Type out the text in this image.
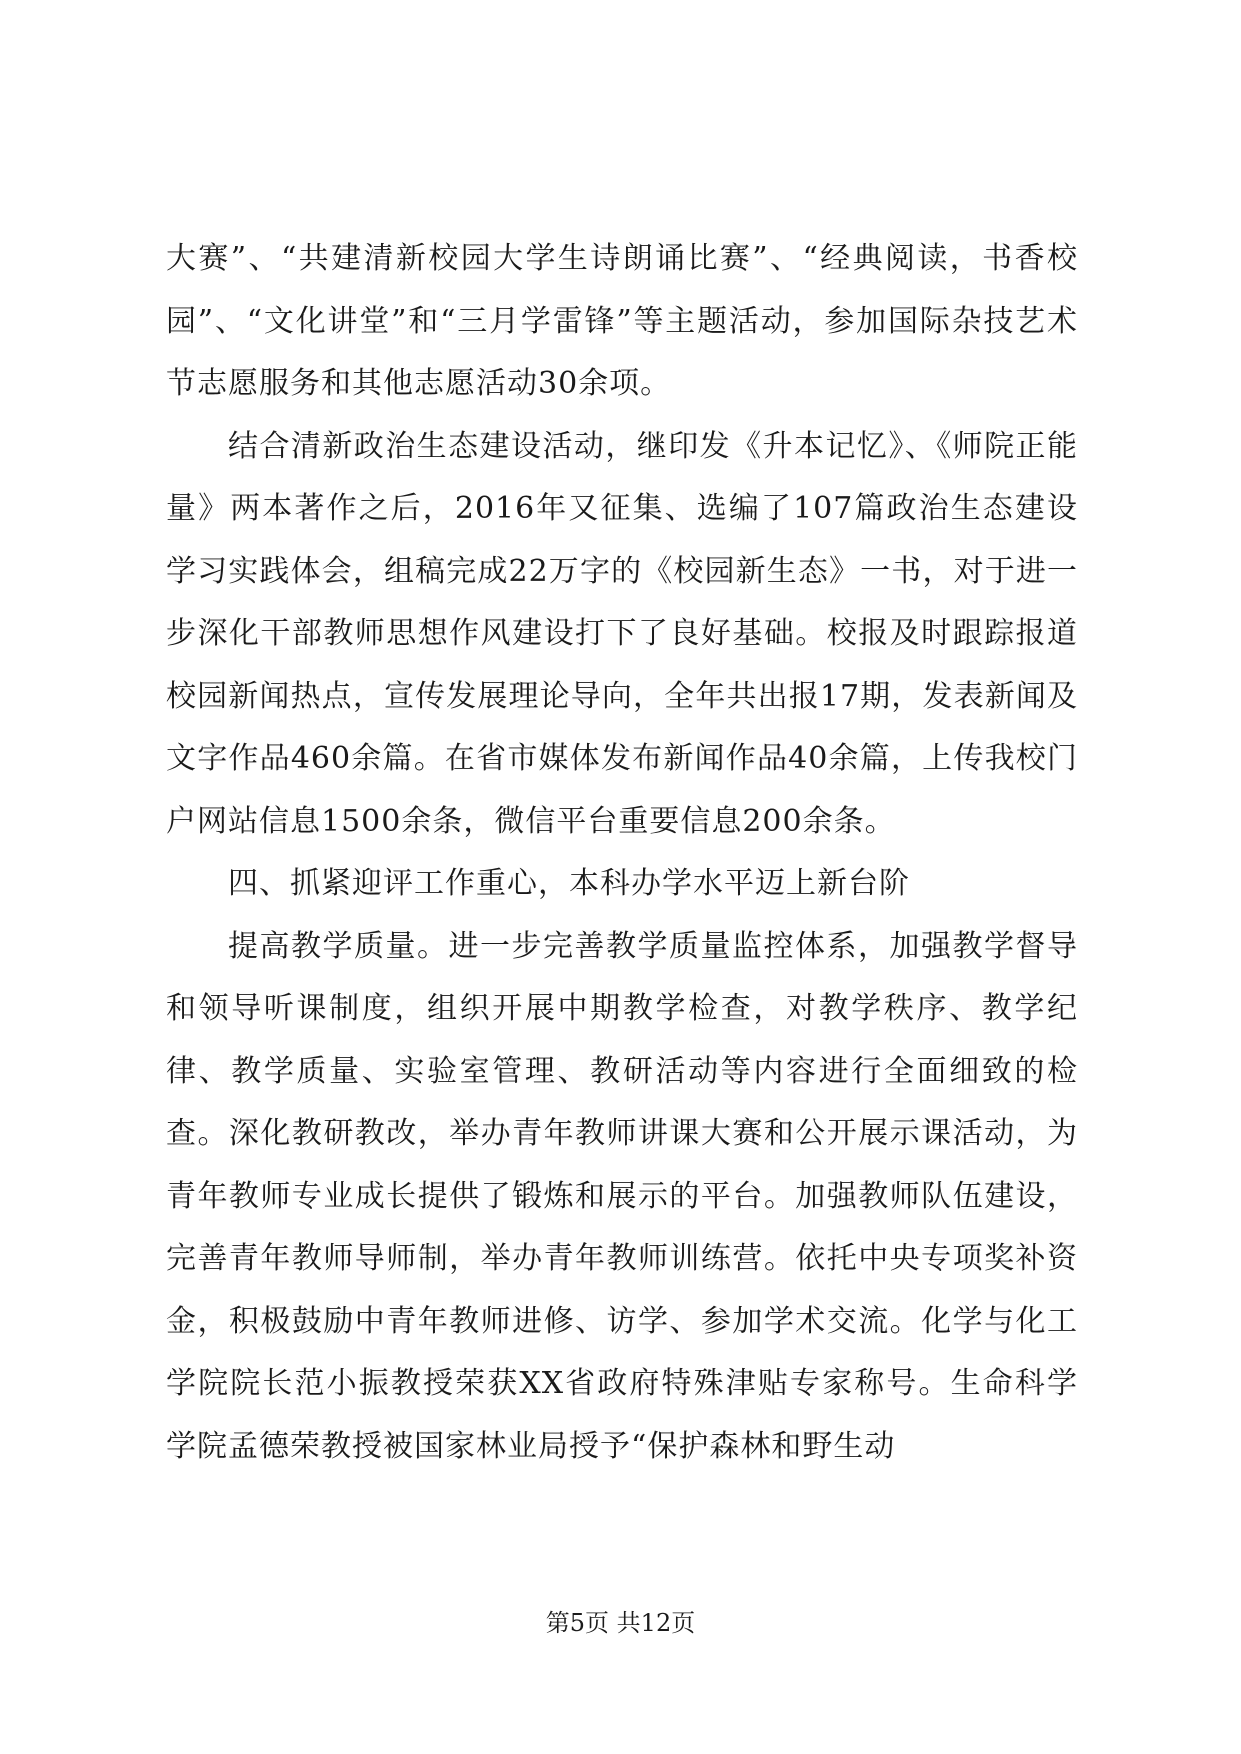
大赛”、“共建清新校园大学生诗朗诵比赛”、“经典阅读，书香校园”、“文化讲堂”和“三月学雷锋”等主题活动，参加国际杂技艺术节志愿服务和其他志愿活动30余项。

结合清新政治生态建设活动，继印发《升本记忆》、《师院正能量》两本著作之后，2016年又征集、选编了107篇政治生态建设学习实践体会，组稿完成22万字的《校园新生态》一书，对于进一步深化干部教师思想作风建设打下了良好基础。校报及时跟踪报道校园新闻热点，宣传发展理论导向，全年共出报17期，发表新闻及文字作品460余篇。在省市媒体发布新闻作品40余篇，上传我校门户网站信息1500余条，微信平台重要信息200余条。

四、抓紧迎评工作重心，本科办学水平迈上新台阶

提高教学质量。进一步完善教学质量监控体系，加强教学督导和领导听课制度，组织开展中期教学检查，对教学秩序、教学纪律、教学质量、实验室管理、教研活动等内容进行全面细致的检查。深化教研教改，举办青年教师讲课大赛和公开展示课活动，为青年教师专业成长提供了锻炼和展示的平台。加强教师队伍建设，完善青年教师导师制，举办青年教师训练营。依托中央专项奖补资金，积极鼓励中青年教师进修、访学、参加学术交流。化学与化工学院院长范小振教授荣获XX省政府特殊津贴专家称号。生命科学学院孟德荣教授被国家林业局授予“保护森林和野生动

第5页 共12页
